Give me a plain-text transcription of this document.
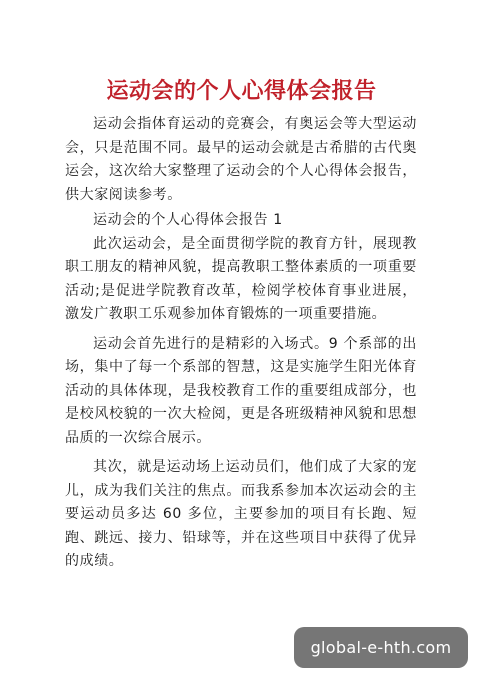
运动会的个人心得体会报告

运动会指体育运动的竞赛会，有奥运会等大型运动会，只是范围不同。最早的运动会就是古希腊的古代奥运会，这次给大家整理了运动会的个人心得体会报告，供大家阅读参考。

运动会的个人心得体会报告 1

此次运动会，是全面贯彻学院的教育方针，展现教职工朋友的精神风貌，提高教职工整体素质的一项重要活动;是促进学院教育改革，检阅学校体育事业进展，激发广教职工乐观参加体育锻炼的一项重要措施。

运动会首先进行的是精彩的入场式。9 个系部的出场，集中了每一个系部的智慧，这是实施学生阳光体育活动的具体体现，是我校教育工作的重要组成部分，也是校风校貌的一次大检阅，更是各班级精神风貌和思想品质的一次综合展示。

其次，就是运动场上运动员们，他们成了大家的宠儿，成为我们关注的焦点。而我系参加本次运动会的主要运动员多达 60 多位，主要参加的项目有长跑、短跑、跳远、接力、铅球等，并在这些项目中获得了优异的成绩。

global-e-hth.com
